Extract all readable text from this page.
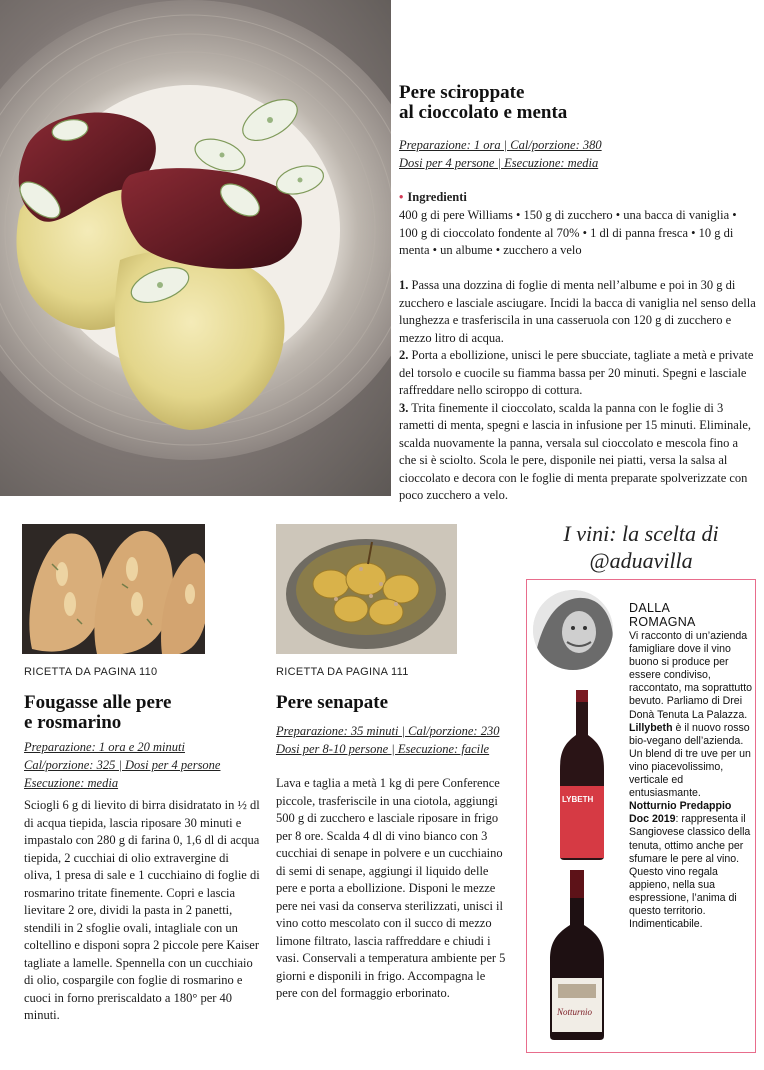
Pere sciroppate
al cioccolato e menta
Preparazione: 1 ora | Cal/porzione: 380
Dosi per 4 persone | Esecuzione: media
• Ingredienti
400 g di pere Williams • 150 g di zucchero • una bacca di vaniglia • 100 g di cioccolato fondente al 70% • 1 dl di panna fresca • 10 g di menta • un albume • zucchero a velo

1. Passa una dozzina di foglie di menta nell’albume e poi in 30 g di zucchero e lasciale asciugare. Incidi la bacca di vaniglia nel senso della lunghezza e trasferiscila in una casseruola con 120 g di zucchero e mezzo litro di acqua.

2. Porta a ebollizione, unisci le pere sbucciate, tagliate a metà e private del torsolo e cuocile su fiamma bassa per 20 minuti. Spegni e lasciale raffreddare nello sciroppo di cottura.

3. Trita finemente il cioccolato, scalda la panna con le foglie di 3 rametti di menta, spegni e lascia in infusione per 15 minuti. Eliminale, scalda nuovamente la panna, versala sul cioccolato e mescola fino a che si è sciolto. Scola le pere, disponile nei piatti, versa la salsa al cioccolato e decora con le foglie di menta preparate spolverizzate con poco zucchero a velo.

RICETTA DA PAGINA 110
Fougasse alle pere
e rosmarino
Preparazione: 1 ora e 20 minuti
Cal/porzione: 325 | Dosi per 4 persone
Esecuzione: media
Sciogli 6 g di lievito di birra disidratato in ½ dl di acqua tiepida, lascia riposare 30 minuti e impastalo con 280 g di farina 0, 1,6 dl di acqua tiepida, 2 cucchiai di olio extravergine di oliva, 1 presa di sale e 1 cucchiaino di foglie di rosmarino tritate finemente. Copri e lascia lievitare 2 ore, dividi la pasta in 2 panetti, stendili in 2 sfoglie ovali, intagliale con un coltellino e disponi sopra 2 piccole pere Kaiser tagliate a lamelle. Spennella con un cucchiaio di olio, cospargile con foglie di rosmarino e cuoci in forno preriscaldato a 180° per 40 minuti.
RICETTA DA PAGINA 111
Pere senapate
Preparazione: 35 minuti | Cal/porzione: 230
Dosi per 8-10 persone | Esecuzione: facile
Lava e taglia a metà 1 kg di pere Conference piccole, trasferiscile in una ciotola, aggiungi 500 g di zucchero e lasciale riposare in frigo per 8 ore. Scalda 4 dl di vino bianco con 3 cucchiai di senape in polvere e un cucchiaino di semi di senape, aggiungi il liquido delle pere e porta a ebollizione. Disponi le mezze pere nei vasi da conserva sterilizzati, unisci il vino cotto mescolato con il succo di mezzo limone filtrato, lascia raffreddare e chiudi i vasi. Conservali a temperatura ambiente per 5 giorni e disponili in frigo. Accompagna le pere con del formaggio erborinato.
I vini: la scelta di
@aduavilla
DALLA
ROMAGNA
Vi racconto di un’azienda famigliare dove il vino buono si produce per essere condiviso, raccontato, ma soprattutto bevuto. Parliamo di Drei Donà Tenuta La Palazza.
Lillybeth è il nuovo rosso bio-vegano dell’azienda. Un blend di tre uve per un vino piacevolissimo, verticale ed entusiasmante.
Notturnio Predappio Doc 2019: rappresenta il Sangiovese classico della tenuta, ottimo anche per sfumare le pere al vino. Questo vino regala appieno, nella sua espressione, l’anima di questo territorio. Indimenticabile.
LYBETH
Notturnio
